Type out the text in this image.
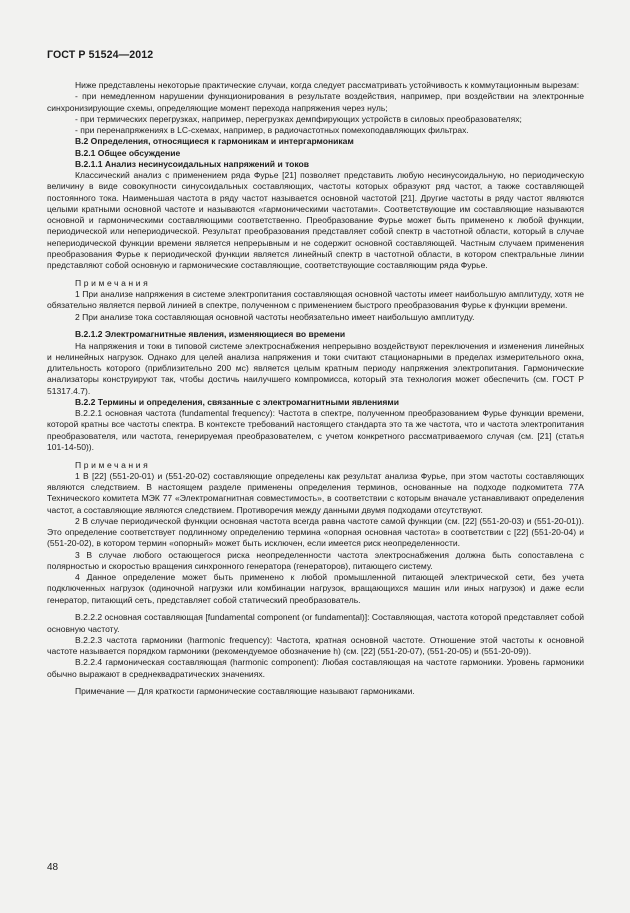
ГОСТ Р 51524—2012

Ниже представлены некоторые практические случаи, когда следует рассматривать устойчивость к коммутационным вырезам:

- при немедленном нарушении функционирования в результате воздействия, например, при воздействии на электронные синхронизирующие схемы, определяющие момент перехода напряжения через нуль;

- при термических перегрузках, например, перегрузках демпфирующих устройств в силовых преобразователях;

- при перенапряжениях в LC-схемах, например, в радиочастотных помехоподавляющих фильтрах.

В.2 Определения, относящиеся к гармоникам и интергармоникам

В.2.1 Общее обсуждение

В.2.1.1 Анализ несинусоидальных напряжений и токов

Классический анализ с применением ряда Фурье [21] позволяет представить любую несинусоидальную, но периодическую величину в виде совокупности синусоидальных составляющих, частоты которых образуют ряд частот, а также составляющей постоянного тока. Наименьшая частота в ряду частот называется основной частотой [21]. Другие частоты в ряду частот являются целыми кратными основной частоте и называются «гармоническими частотами». Соответствующие им составляющие называются основной и гармоническими составляющими соответственно. Преобразование Фурье может быть применено к любой функции, периодической или непериодической. Результат преобразования представляет собой спектр в частотной области, который в случае непериодической функции времени является непрерывным и не содержит основной составляющей. Частным случаем применения преобразования Фурье к периодической функции является линейный спектр в частотной области, в котором спектральные линии представляют собой основную и гармонические составляющие, соответствующие составляющим ряда Фурье.

Примечания

1 При анализе напряжения в системе электропитания составляющая основной частоты имеет наибольшую амплитуду, хотя не обязательно является первой линией в спектре, полученном с применением быстрого преобразования Фурье к функции времени.

2 При анализе тока составляющая основной частоты необязательно имеет наибольшую амплитуду.

В.2.1.2 Электромагнитные явления, изменяющиеся во времени

На напряжения и токи в типовой системе электроснабжения непрерывно воздействуют переключения и изменения линейных и нелинейных нагрузок. Однако для целей анализа напряжения и токи считают стационарными в пределах измерительного окна, длительность которого (приблизительно 200 мс) является целым кратным периоду напряжения электропитания. Гармонические анализаторы конструируют так, чтобы достичь наилучшего компромисса, который эта технология может обеспечить (см. ГОСТ Р 51317.4.7).

В.2.2 Термины и определения, связанные с электромагнитными явлениями

В.2.2.1 основная частота (fundamental frequency): Частота в спектре, полученном преобразованием Фурье функции времени, которой кратны все частоты спектра. В контексте требований настоящего стандарта это та же частота, что и частота электропитания преобразователя, или частота, генерируемая преобразователем, с учетом конкретного рассматриваемого случая (см. [21] (статья 101-14-50)).

Примечания

1 В [22] (551-20-01) и (551-20-02) составляющие определены как результат анализа Фурье, при этом частоты составляющих являются следствием. В настоящем разделе применены определения терминов, основанные на подходе подкомитета 77А Технического комитета МЭК 77 «Электромагнитная совместимость», в соответствии с которым вначале устанавливают определения частот, а составляющие являются следствием. Противоречия между данными двумя подходами отсутствуют.

2 В случае периодической функции основная частота всегда равна частоте самой функции (см. [22] (551-20-03) и (551-20-01)). Это определение соответствует подлинному определению термина «опорная основная частота» в соответствии с [22] (551-20-04) и (551-20-02), в котором термин «опорный» может быть исключен, если имеется риск неопределенности.

3 В случае любого остающегося риска неопределенности частота электроснабжения должна быть сопоставлена с полярностью и скоростью вращения синхронного генератора (генераторов), питающего систему.

4 Данное определение может быть применено к любой промышленной питающей электрической сети, без учета подключенных нагрузок (одиночной нагрузки или комбинации нагрузок, вращающихся машин или иных нагрузок) и даже если генератор, питающий сеть, представляет собой статический преобразователь.

В.2.2.2 основная составляющая [fundamental component (or fundamental)]: Составляющая, частота которой представляет собой основную частоту.

В.2.2.3 частота гармоники (harmonic frequency): Частота, кратная основной частоте. Отношение этой частоты к основной частоте называется порядком гармоники (рекомендуемое обозначение h) (см. [22] (551-20-07), (551-20-05) и (551-20-09)).

В.2.2.4 гармоническая составляющая (harmonic component): Любая составляющая на частоте гармоники. Уровень гармоники обычно выражают в среднеквадратических значениях.

Примечание — Для краткости гармонические составляющие называют гармониками.

48
